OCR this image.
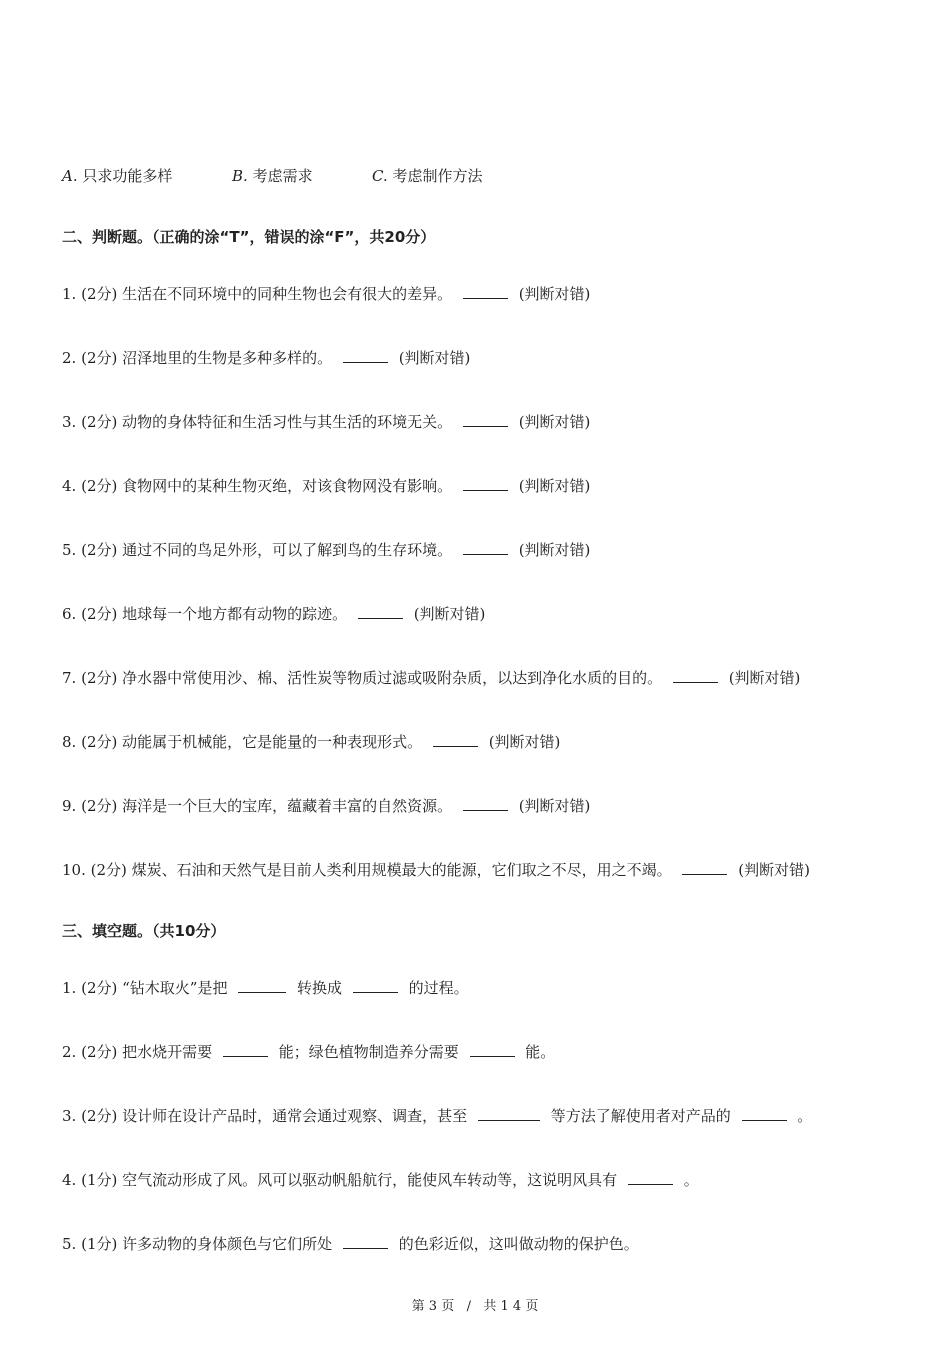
A. 只求功能多样	B. 考虑需求	C. 考虑制作方法
二、判断题。（正确的涂“T”，错误的涂“F”，共20分）
1. (2分) 生活在不同环境中的同种生物也会有很大的差异。	(判断对错)
2. (2分) 沼泽地里的生物是多种多样的。	(判断对错)
3. (2分) 动物的身体特征和生活习性与其生活的环境无关。	(判断对错)
4. (2分) 食物网中的某种生物灭绝，对该食物网没有影响。	(判断对错)
5. (2分) 通过不同的鸟足外形，可以了解到鸟的生存环境。	(判断对错)
6. (2分) 地球每一个地方都有动物的踪迹。	(判断对错)
7. (2分) 净水器中常使用沙、棉、活性炭等物质过滤或吸附杂质，以达到净化水质的目的。	(判断对错)
8. (2分) 动能属于机械能，它是能量的一种表现形式。	(判断对错)
9. (2分) 海洋是一个巨大的宝库，蕴藏着丰富的自然资源。	(判断对错)
10. (2分) 煤炭、石油和天然气是目前人类利用规模最大的能源，它们取之不尽，用之不竭。	(判断对错)
三、填空题。（共10分）
1. (2分) “钻木取火”是把	转换成	的过程。
2. (2分) 把水烧开需要	能；绿色植物制造养分需要	能。
3. (2分) 设计师在设计产品时，通常会通过观察、调查，甚至	等方法了解使用者对产品的	。
4. (1分) 空气流动形成了风。风可以驱动帆船航行，能使风车转动等，这说明风具有	。
5. (1分) 许多动物的身体颜色与它们所处	的色彩近似，这叫做动物的保护色。
第 3 页   /   共 1 4 页
